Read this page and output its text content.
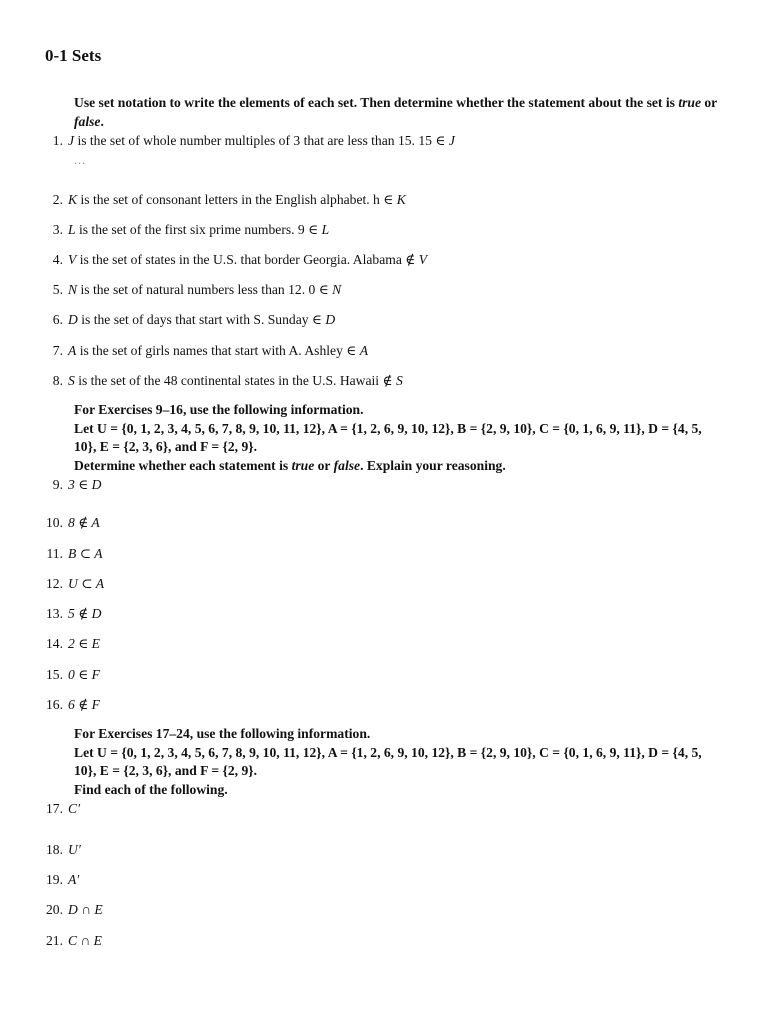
0-1 Sets

Use set notation to write the elements of each set. Then determine whether the statement about the set is true or false.

1. J is the set of whole number multiples of 3 that are less than 15. 15 ∈ J
...
2. K is the set of consonant letters in the English alphabet. h ∈ K
3. L is the set of the first six prime numbers. 9 ∈ L
4. V is the set of states in the U.S. that border Georgia. Alabama ∉ V
5. N is the set of natural numbers less than 12. 0 ∈ N
6. D is the set of days that start with S. Sunday ∈ D
7. A is the set of girls names that start with A. Ashley ∈ A
8. S is the set of the 48 continental states in the U.S. Hawaii ∉ S
For Exercises 9–16, use the following information.
Let U = {0, 1, 2, 3, 4, 5, 6, 7, 8, 9, 10, 11, 12}, A = {1, 2, 6, 9, 10, 12}, B = {2, 9, 10}, C = {0, 1, 6, 9, 11}, D = {4, 5, 10}, E = {2, 3, 6}, and F = {2, 9}.
Determine whether each statement is true or false. Explain your reasoning.
9. 3 ∈ D
10. 8 ∉ A
11. B ⊂ A
12. U ⊂ A
13. 5 ∉ D
14. 2 ∈ E
15. 0 ∈ F
16. 6 ∉ F
For Exercises 17–24, use the following information.
Let U = {0, 1, 2, 3, 4, 5, 6, 7, 8, 9, 10, 11, 12}, A = {1, 2, 6, 9, 10, 12}, B = {2, 9, 10}, C = {0, 1, 6, 9, 11}, D = {4, 5, 10}, E = {2, 3, 6}, and F = {2, 9}.
Find each of the following.
17. C′
18. U′
19. A′
20. D ∩ E
21. C ∩ E
